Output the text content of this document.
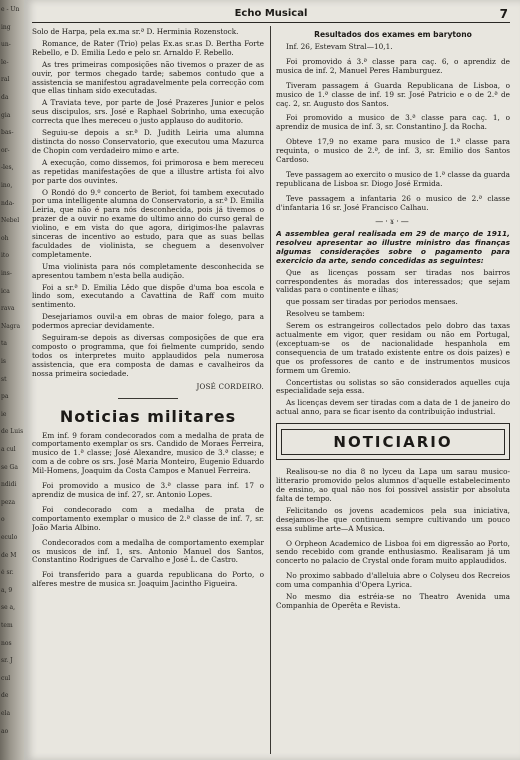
e - Un
ing
un-
le-
ral
da
gia
bas-
or-
-les,
ino,
nda-
Nebel
oh
ito
ins-
ica
rava
Nagra
ta
is
st
pa
ie
de Luis
a cul
se Ga
ndidi
peza
o
eculo
de M
é sr.
a, 9
se a,
tem
nos
sr. J
cul
de
ela
ao
Echo Musical	7

Solo de Harpa, pela ex.ma sr.ª D. Herminia Rozenstock.

Romance, de Rater (Trio) pelas Ex.as sr.as D. Bertha Forte Rebello, e D. Emilia Ledo e pelo sr. Arnaldo F. Rebello.

As tres primeiras composições não tivemos o prazer de as ouvir, por termos chegado tarde; sabemos contudo que a assistencia se manifestou agradavelmente pela correcção com que ellas tinham sido executadas.

A Traviata teve, por parte de José Prazeres Junior e pelos seus discipulos, srs. José e Raphael Sobrinho, uma execução correcta que lhes mereceu o justo applauso do auditorio.

Seguiu-se depois a sr.ª D. Judith Leiria uma alumna distincta do nosso Conservatorio, que executou uma Mazurca de Chopin com verdadeiro mimo e arte.

A execução, como dissemos, foi primorosa e bem mereceu as repetidas manifestações de que a illustre artista foi alvo por parte dos ouvintes.

O Rondó do 9.º concerto de Beriot, foi tambem executado por uma intelligente alumna do Conservatorio, a sr.ª D. Emilia Leiria, que não é para nós desconhecida, pois já tivemos o prazer de a ouvir no exame do ultimo anno do curso geral de violino, e em vista do que agora, dirigimos-lhe palavras sinceras de incentivo ao estudo, para que as suas bellas faculdades de violinista, se cheguem a desenvolver completamente.

Uma violinista para nós completamente desconhecida se apresentou tambem n'esta bella audição.

Foi a sr.ª D. Emilia Lêdo que dispõe d'uma boa escola e lindo som, executando a Cavattina de Raff com muito sentimento.

Desejariamos ouvil-a em obras de maior folego, para a podermos apreciar devidamente.

Seguiram-se depois as diversas composições de que era composto o programma, que foi fielmente cumprido, sendo todos os interpretes muito applaudidos pela numerosa assistencia, que era composta de damas e cavalheiros da nossa primeira sociedade.

JOSÉ CORDEIRO.

Noticias militares

Em inf. 9 foram condecorados com a medalha de prata de comportamento exemplar os srs. Candido de Moraes Ferreira, musico de 1.ª classe; José Alexandre, musico de 3.ª classe; e com a de cobre os srs. José Maria Monteiro, Eugenio Eduardo Mil-Homens, Joaquim da Costa Campos e Manuel Ferreira.

Foi promovido a musico de 3.ª classe para inf. 17 o aprendiz de musica de inf. 27, sr. Antonio Lopes.

Foi condecorado com a medalha de prata de comportamento exemplar o musico de 2.ª classe de inf. 7, sr. João Maria Albino.

Condecorados com a medalha de comportamento exemplar os musicos de inf. 1, srs. Antonio Manuel dos Santos, Constantino Rodrigues de Carvalho e José L. de Castro.

Foi transferido para a guarda republicana do Porto, o alferes mestre de musica sr. Joaquim Jacintho Figueira.

Resultados dos exames em barytono

Inf. 26, Estevam Stral—10,1.

Foi promovido á 3.ª classe para caç. 6, o aprendiz de musica de inf. 2, Manuel Peres Hamburguez.

Tiveram passagem á Guarda Republicana de Lisboa, o musico de 1.ª classe de inf. 19 sr. José Patricio e o de 2.ª de caç. 2, sr. Augusto dos Santos.

Foi promovido a musico de 3.ª classe para caç. 1, o aprendiz de musica de inf. 3, sr. Constantino J. da Rocha.

Obteve 17,9 no exame para musico de 1.ª classe para requinta, o musico de 2.ª, de inf. 3, sr. Emilio dos Santos Cardoso.

Teve passagem ao exercito o musico de 1.ª classe da guarda republicana de Lisboa sr. Diogo José Ermida.

Teve passagem a infantaria 26 o musico de 2.ª classe d'infantaria 16 sr. José Francisco Calhau.

—·ɤ·—
A assemblea geral realisada em 29 de março de 1911, resolveu apresentar ao illustre ministro das finanças algumas considerações sobre o pagamento para exercicio da arte, sendo concedidas as seguintes:

Que as licenças possam ser tiradas nos bairros correspondentes ás moradas dos interessados; que sejam validas para o continente e ilhas;

que possam ser tiradas por periodos mensaes.

Resolveu se tambem:

Serem os estrangeiros collectados pelo dobro das taxas actualmente em vigor, quer residam ou não em Portugal, (exceptuam-se os de nacionalidade hespanhola em consequencia de um tratado existente entre os dois paizes) e que os professores de canto e de instrumentos musicos formem um Gremio.

Concertistas ou solistas so são considerados aquelles cuja especialidade seja essa.

As licenças devem ser tiradas com a data de 1 de janeiro do actual anno, para se ficar isento da contribuição industrial.

NOTICIARIO

Realisou-se no dia 8 no lyceu da Lapa um sarau musico-litterario promovido pelos alumnos d'aquelle estabelecimento de ensino, ao qual não nos foi possivel assistir por absoluta falta de tempo.

Felicitando os jovens academicos pela sua iniciativa, desejamos-lhe que continuem sempre cultivando um pouco essa sublime arte—A Musica.

O Orpheon Academico de Lisboa foi em digressão ao Porto, sendo recebido com grande enthusiasmo. Realisaram já um concerto no palacio de Crystal onde foram muito applaudidos.

No proximo sabbado d'alleluia abre o Colyseu dos Recreios com uma companhia d'Opera Lyrica.

No mesmo dia estréia-se no Theatro Avenida uma Companhia de Operêta e Revista.
